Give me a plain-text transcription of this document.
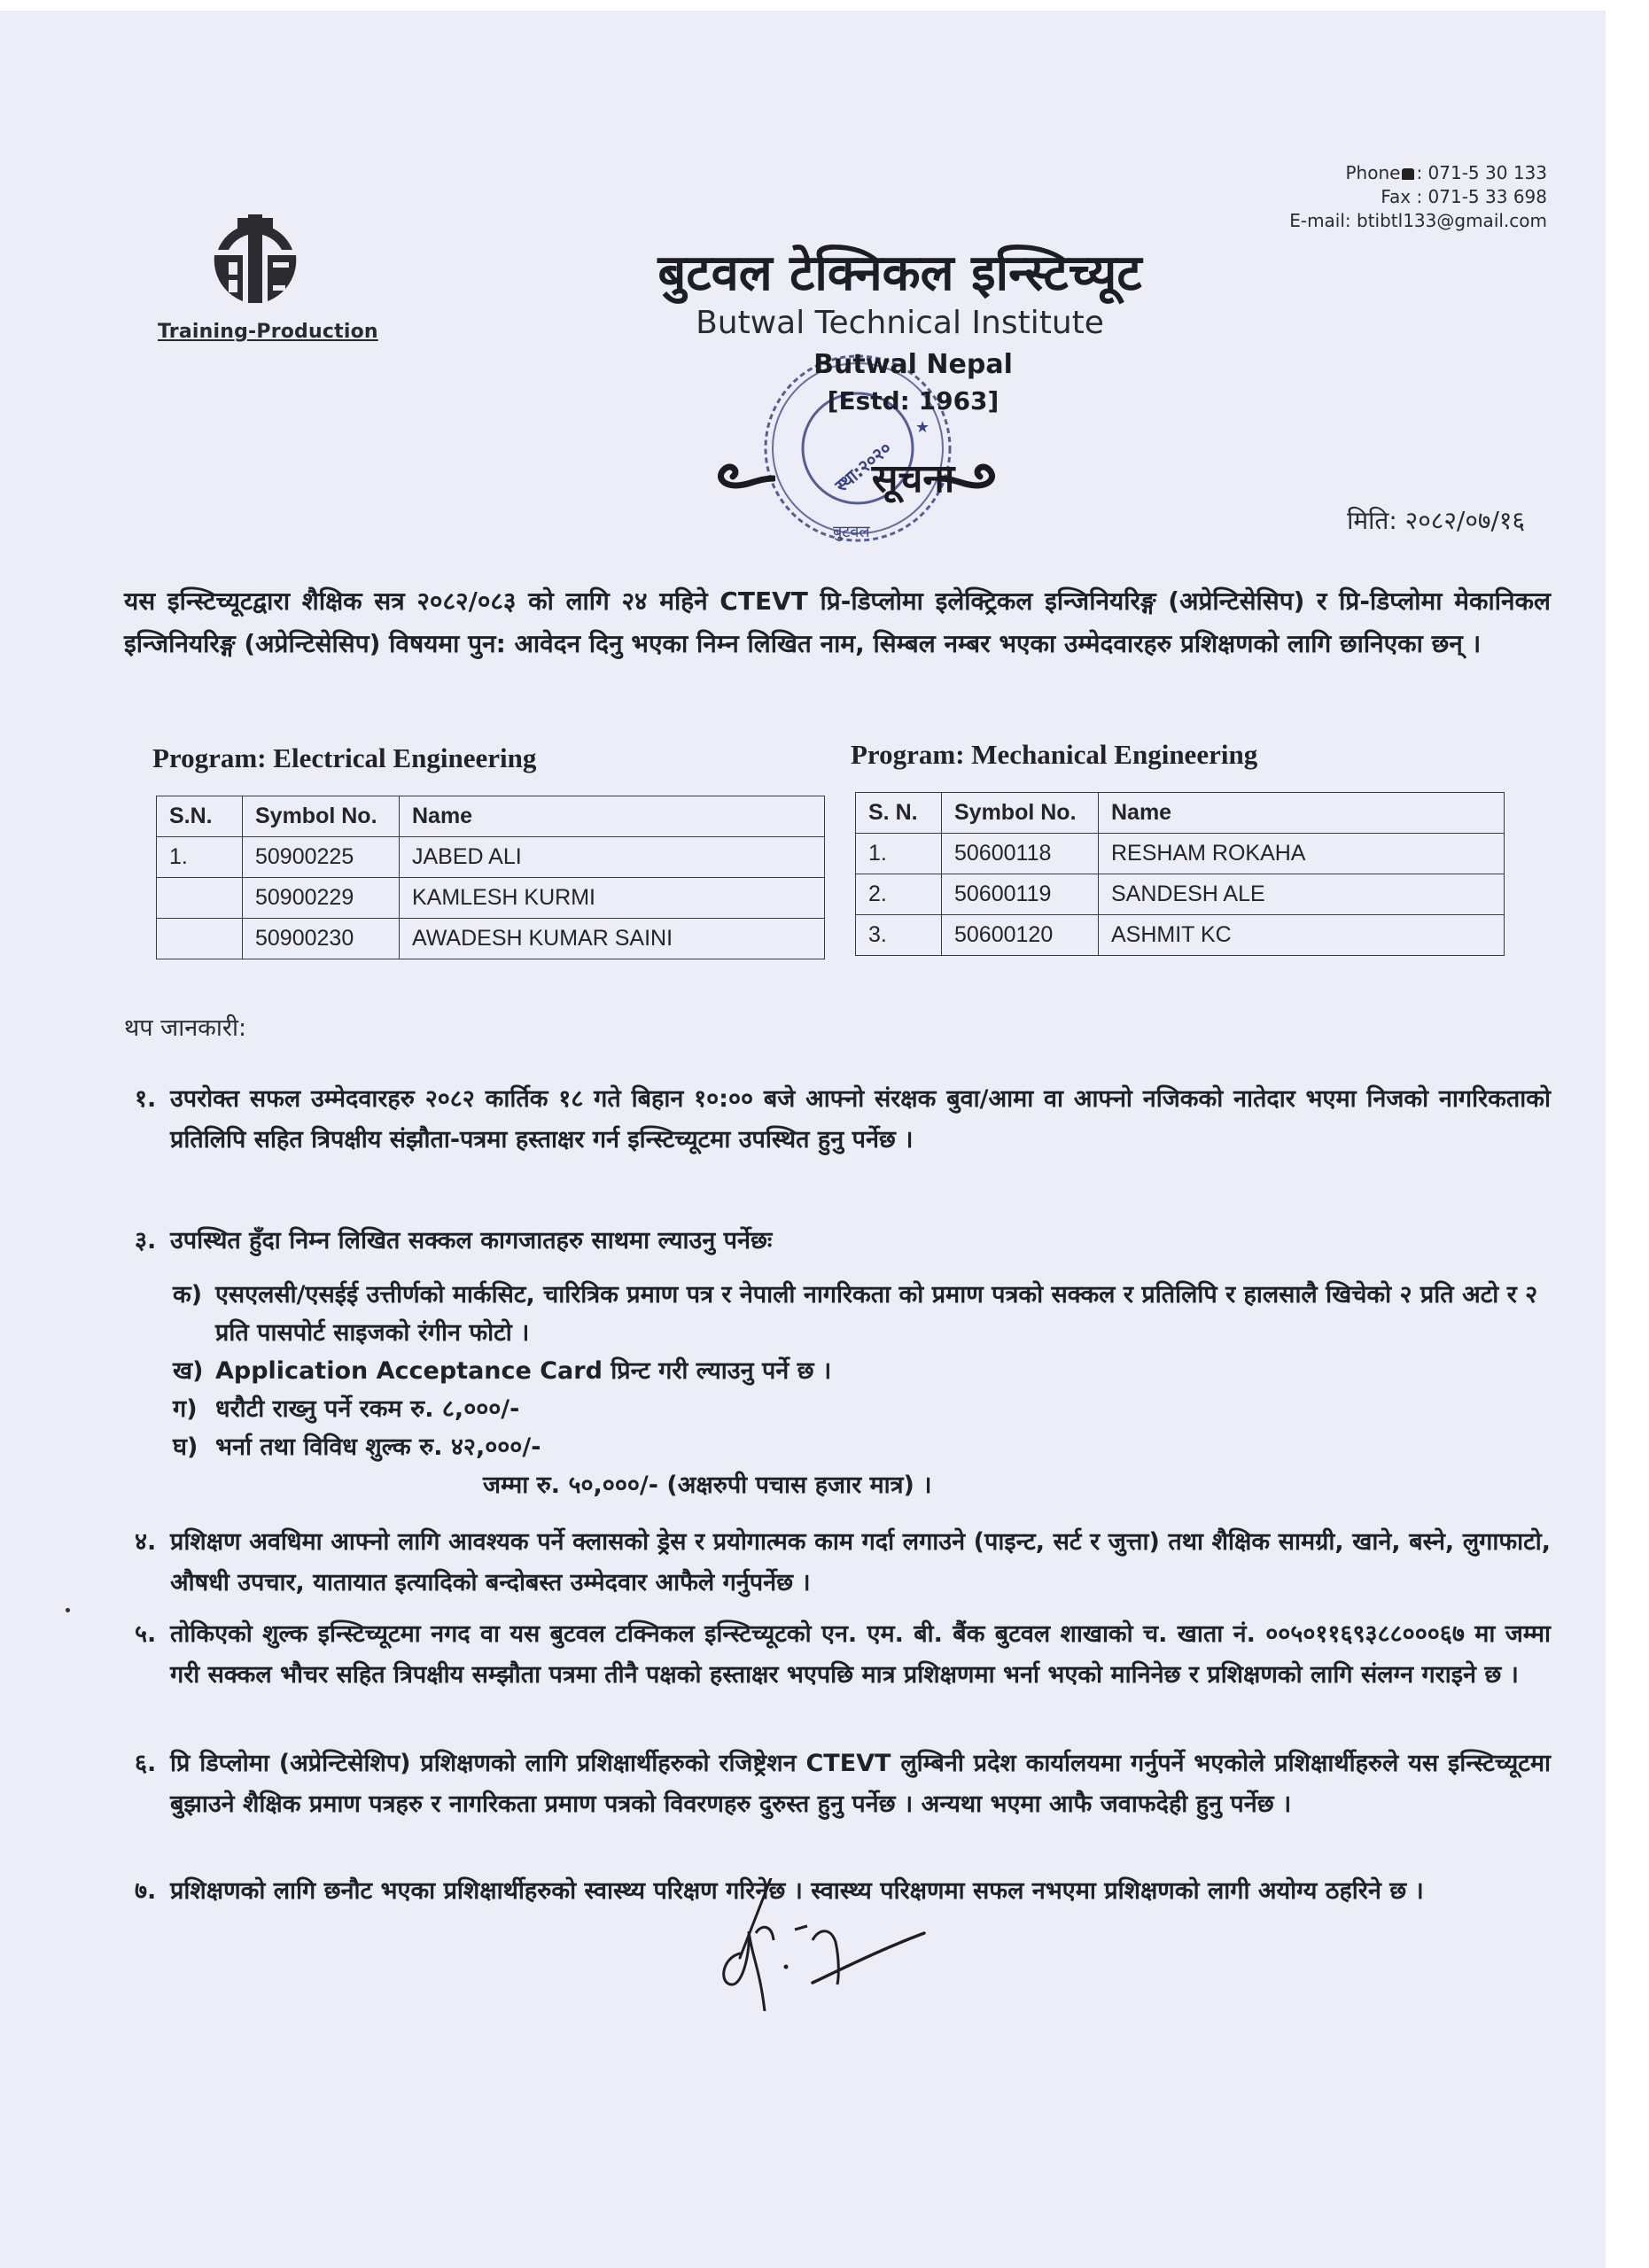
Phone : 071-5 30 133
Fax : 071-5 33 698
E-mail: btibtl133@gmail.com
Training-Production
★
स्था:२०२०
बुटवल
बुटवल टेक्निकल इन्स्टिच्यूट
Butwal Technical Institute
Butwal Nepal
[Estd: 1963]
सूचना
मिति: २०८२/०७/१६
यस इन्स्टिच्यूटद्वारा शैक्षिक सत्र २०८२/०८३ को लागि २४ महिने CTEVT प्रि-डिप्लोमा इलेक्ट्रिकल इन्जिनियरिङ्ग (अप्रेन्टिसेसिप) र प्रि-डिप्लोमा मेकानिकल इन्जिनियरिङ्ग (अप्रेन्टिसेसिप) विषयमा पुन: आवेदन दिनु भएका निम्न लिखित नाम, सिम्बल नम्बर भएका उम्मेदवारहरु प्रशिक्षणको लागि छानिएका छन् ।
Program: Electrical Engineering
S.N.	Symbol No.	Name
1.	50900225	JABED ALI
	50900229	KAMLESH KURMI
	50900230	AWADESH KUMAR SAINI
Program: Mechanical Engineering
S. N.	Symbol No.	Name
1.	50600118	RESHAM ROKAHA
2.	50600119	SANDESH ALE
3.	50600120	ASHMIT KC
थप जानकारी:
१. उपरोक्त सफल उम्मेदवारहरु २०८२ कार्तिक १८ गते बिहान १०:०० बजे आफ्नो संरक्षक बुवा/आमा वा आफ्नो नजिकको नातेदार भएमा निजको नागरिकताको प्रतिलिपि सहित त्रिपक्षीय संझौता-पत्रमा हस्ताक्षर गर्न इन्स्टिच्यूटमा उपस्थित हुनु पर्नेछ ।
३. उपस्थित हुँदा निम्न लिखित सक्कल कागजातहरु साथमा ल्याउनु पर्नेछः
क) एसएलसी/एसईई उत्तीर्णको मार्कसिट, चारित्रिक प्रमाण पत्र र नेपाली नागरिकता को प्रमाण पत्रको सक्कल र प्रतिलिपि र हालसालै खिचेको २ प्रति अटो र २ प्रति पासपोर्ट साइजको रंगीन फोटो ।
ख) Application Acceptance Card प्रिन्ट गरी ल्याउनु पर्ने छ ।
ग) धरौटी राख्नु पर्ने रकम रु. ८,०००/-
घ) भर्ना तथा विविध शुल्क रु. ४२,०००/-
जम्मा रु. ५०,०००/- (अक्षरुपी पचास हजार मात्र) ।
४. प्रशिक्षण अवधिमा आफ्नो लागि आवश्यक पर्ने क्लासको ड्रेस र प्रयोगात्मक काम गर्दा लगाउने (पाइन्ट, सर्ट र जुत्ता) तथा शैक्षिक सामग्री, खाने, बस्ने, लुगाफाटो, औषधी उपचार, यातायात इत्यादिको बन्दोबस्त उम्मेदवार आफैले गर्नुपर्नेछ ।
५. तोकिएको शुल्क इन्स्टिच्यूटमा नगद वा यस बुटवल टक्निकल इन्स्टिच्यूटको एन. एम. बी. बैंक बुटवल शाखाको च. खाता नं. ००५०११६९३८८०००६७ मा जम्मा गरी सक्कल भौचर सहित त्रिपक्षीय सम्झौता पत्रमा तीनै पक्षको हस्ताक्षर भएपछि मात्र प्रशिक्षणमा भर्ना भएको मानिनेछ र प्रशिक्षणको लागि संलग्न गराइने छ ।
६. प्रि डिप्लोमा (अप्रेन्टिसेशिप) प्रशिक्षणको लागि प्रशिक्षार्थीहरुको रजिष्ट्रेशन CTEVT लुम्बिनी प्रदेश कार्यालयमा गर्नुपर्ने भएकोले प्रशिक्षार्थीहरुले यस इन्स्टिच्यूटमा बुझाउने शैक्षिक प्रमाण पत्रहरु र नागरिकता प्रमाण पत्रको विवरणहरु दुरुस्त हुनु पर्नेछ । अन्यथा भएमा आफै जवाफदेही हुनु पर्नेछ ।
७. प्रशिक्षणको लागि छनौट भएका प्रशिक्षार्थीहरुको स्वास्थ्य परिक्षण गरिनेछ । स्वास्थ्य परिक्षणमा सफल नभएमा प्रशिक्षणको लागी अयोग्य ठहरिने छ ।
